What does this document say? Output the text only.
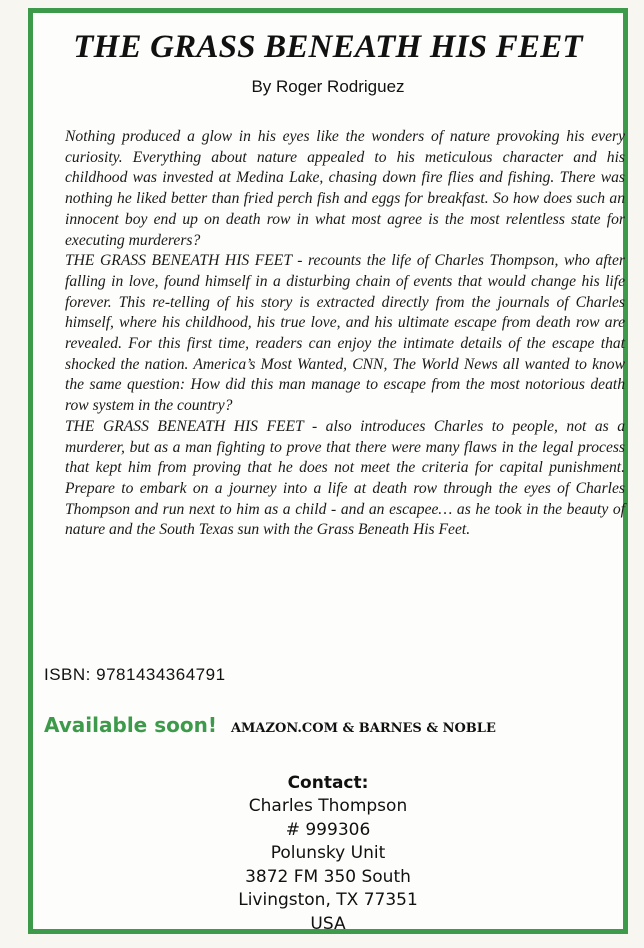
THE GRASS BENEATH HIS FEET

By Roger Rodriguez

Nothing produced a glow in his eyes like the wonders of nature provoking his every curiosity. Everything about nature appealed to his meticulous character and his childhood was invested at Medina Lake, chasing down fire flies and fishing. There was nothing he liked better than fried perch fish and eggs for breakfast. So how does such an innocent boy end up on death row in what most agree is the most relentless state for executing murderers?

THE GRASS BENEATH HIS FEET - recounts the life of Charles Thompson, who after falling in love, found himself in a disturbing chain of events that would change his life forever. This re-telling of his story is extracted directly from the journals of Charles himself, where his childhood, his true love, and his ultimate escape from death row are revealed. For this first time, readers can enjoy the intimate details of the escape that shocked the nation. America’s Most Wanted, CNN, The World News all wanted to know the same question: How did this man manage to escape from the most notorious death row system in the country?

THE GRASS BENEATH HIS FEET - also introduces Charles to people, not as a murderer, but as a man fighting to prove that there were many flaws in the legal process that kept him from proving that he does not meet the criteria for capital punishment. Prepare to embark on a journey into a life at death row through the eyes of Charles Thompson and run next to him as a child - and an escapee… as he took in the beauty of nature and the South Texas sun with the Grass Beneath His Feet.

ISBN: 9781434364791

Available soon! AMAZON.COM & BARNES & NOBLE

Contact:

Charles Thompson
# 999306
Polunsky Unit
3872 FM 350 South
Livingston, TX 77351
USA
